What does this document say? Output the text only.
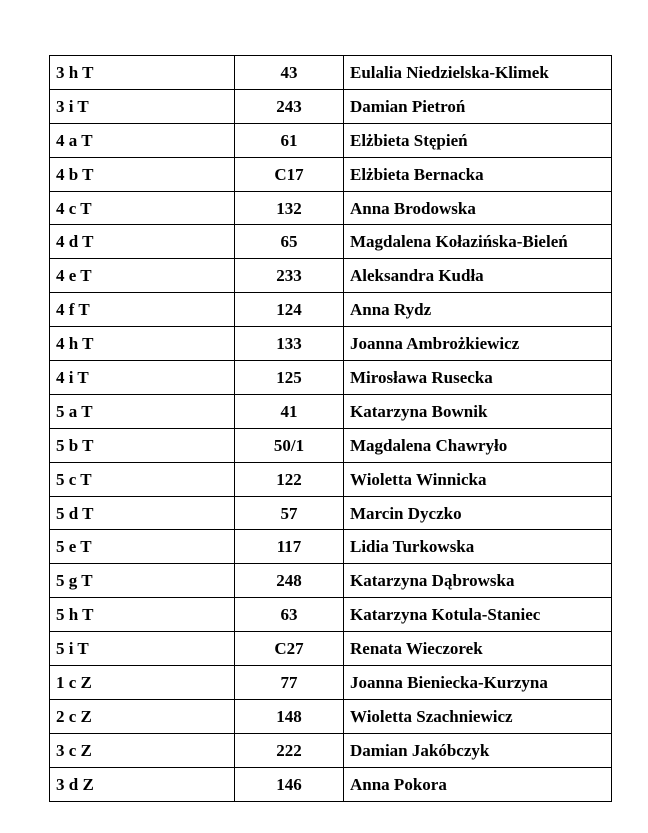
3 h T	43	Eulalia Niedzielska-Klimek
3 i T	243	Damian Pietroń
4 a T	61	Elżbieta Stępień
4 b T	C17	Elżbieta Bernacka
4 c T	132	Anna Brodowska
4 d T	65	Magdalena Kołazińska-Bieleń
4 e T	233	Aleksandra Kudła
4 f T	124	Anna Rydz
4 h T	133	Joanna Ambrożkiewicz
4 i T	125	Mirosława Rusecka
5 a T	41	Katarzyna Bownik
5 b T	50/1	Magdalena Chawryło
5 c T	122	Wioletta Winnicka
5 d T	57	Marcin Dyczko
5 e T	117	Lidia Turkowska
5 g T	248	Katarzyna Dąbrowska
5 h T	63	Katarzyna Kotula-Staniec
5 i T	C27	Renata Wieczorek
1 c Z	77	Joanna Bieniecka-Kurzyna
2 c Z	148	Wioletta Szachniewicz
3 c Z	222	Damian Jakóbczyk
3 d Z	146	Anna Pokora
